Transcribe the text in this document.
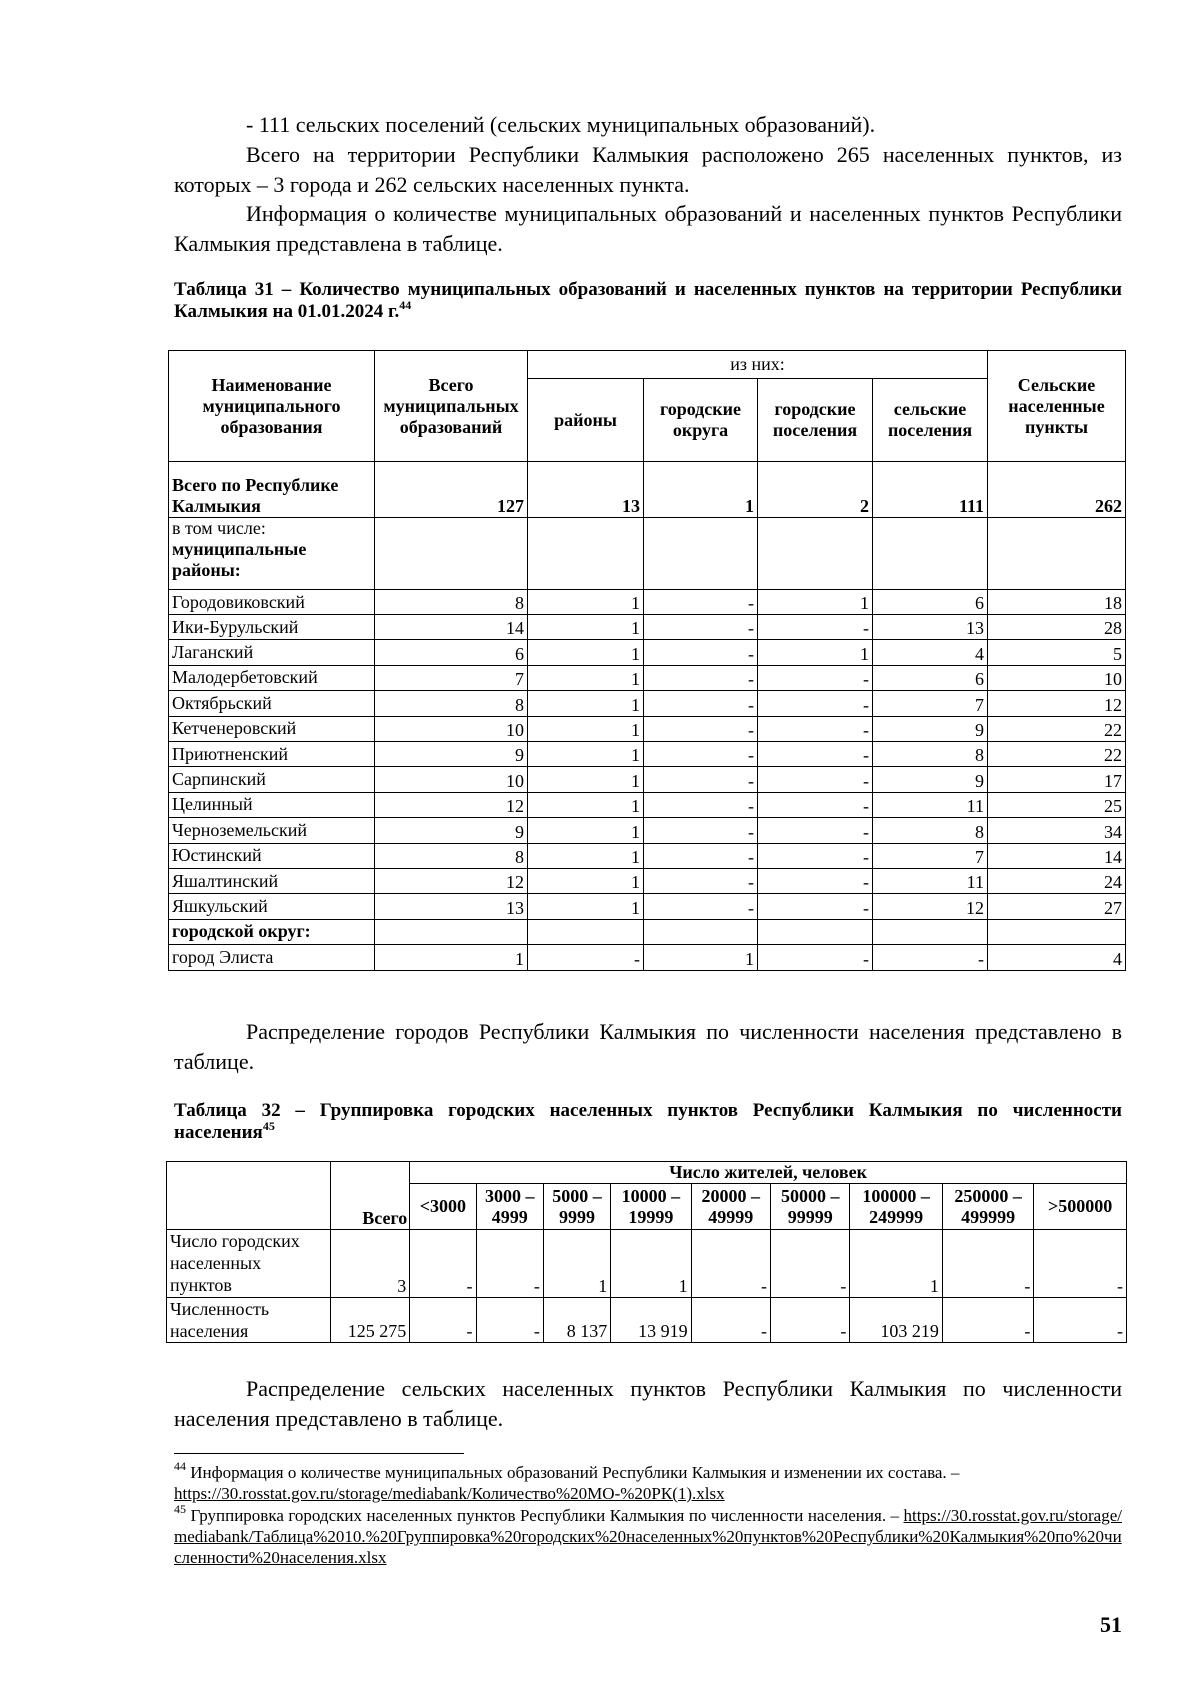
- 111 сельских поселений (сельских муниципальных образований).

Всего на территории Республики Калмыкия расположено 265 населенных пунктов, из которых – 3 города и 262 сельских населенных пункта.

Информация о количестве муниципальных образований и населенных пунктов Республики Калмыкия представлена в таблице.

Таблица 31 – Количество муниципальных образований и населенных пунктов на территории Республики Калмыкия на 01.01.2024 г.$^{44}$

Наименование муниципального образования	Всего муниципальных образований	из них:				Сельские населенные пункты
		районы	городские округа	городские поселения	сельские поселения	
Всего по Республике Калмыкия	127	13	1	2	111	262
в том числе:
муниципальные районы:						
Городовиковский	8	1	-	1	6	18
Ики-Бурульский	14	1	-	-	13	28
Лаганский	6	1	-	1	4	5
Малодербетовский	7	1	-	-	6	10
Октябрьский	8	1	-	-	7	12
Кетченеровский	10	1	-	-	9	22
Приютненский	9	1	-	-	8	22
Сарпинский	10	1	-	-	9	17
Целинный	12	1	-	-	11	25
Черноземельский	9	1	-	-	8	34
Юстинский	8	1	-	-	7	14
Яшалтинский	12	1	-	-	11	24
Яшкульский	13	1	-	-	12	27
городской округ:						
город Элиста	1	-	1	-	-	4

Распределение городов Республики Калмыкия по численности населения представлено в таблице.

Таблица 32 – Группировка городских населенных пунктов Республики Калмыкия по численности населения$^{45}$

	Всего	Число жителей, человек								
		<3000	3000 – 4999	5000 – 9999	10000 – 19999	20000 – 49999	50000 – 99999	100000 – 249999	250000 – 499999	>500000
Число городских населенных пунктов	3	-	-	1	1	-	-	1	-	-
Численность населения	125 275	-	-	8 137	13 919	-	-	103 219	-	-

Распределение сельских населенных пунктов Республики Калмыкия по численности населения представлено в таблице.

$^{44}$ Информация о количестве муниципальных образований Республики Калмыкия и изменении их состава. –
https://30.rosstat.gov.ru/storage/mediabank/Количество%20МО-%20РК(1).xlsx

$^{45}$ Группировка городских населенных пунктов Республики Калмыкия по численности населения. – https://30.rosstat.gov.ru/storage/mediabank/Таблица%2010.%20Группировка%20городских%20населенных%20пунктов%20Республики%20Калмыкия%20по%20численности%20населения.xlsx

51
